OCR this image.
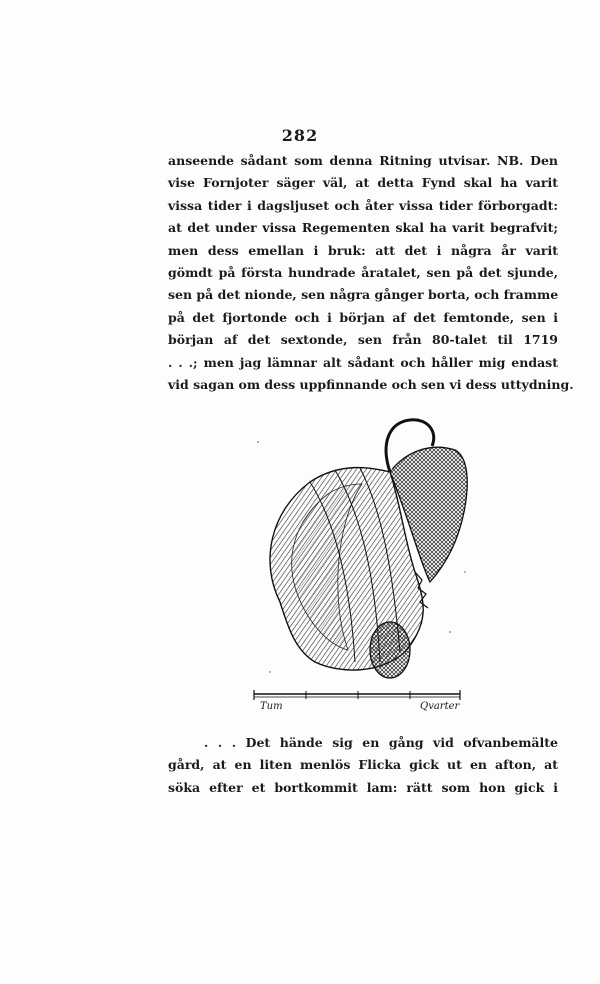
282
anseende sådant som denna Ritning utvisar. NB. Den
vise Fornjoter säger väl, at detta Fynd skal ha varit
vissa tider i dagsljuset och åter vissa tider förborgadt:
at det under vissa Regementen skal ha varit begrafvit;
men dess emellan i bruk: att det i några år varit
gömdt på första hundrade åratalet, sen på det sjunde,
sen på det nionde, sen några gånger borta, och framme
på det fjortonde och i början af det femtonde, sen i
början af det sextonde, sen från 80-talet til 1719
. . .; men jag lämnar alt sådant och håller mig endast
vid sagan om dess uppfinnande och sen vi dess uttydning.
Tum	Qvarter
. . . Det hände sig en gång vid ofvanbemälte
gård, at en liten menlös Flicka gick ut en afton, at
söka efter et bortkommit lam: rätt som hon gick i
